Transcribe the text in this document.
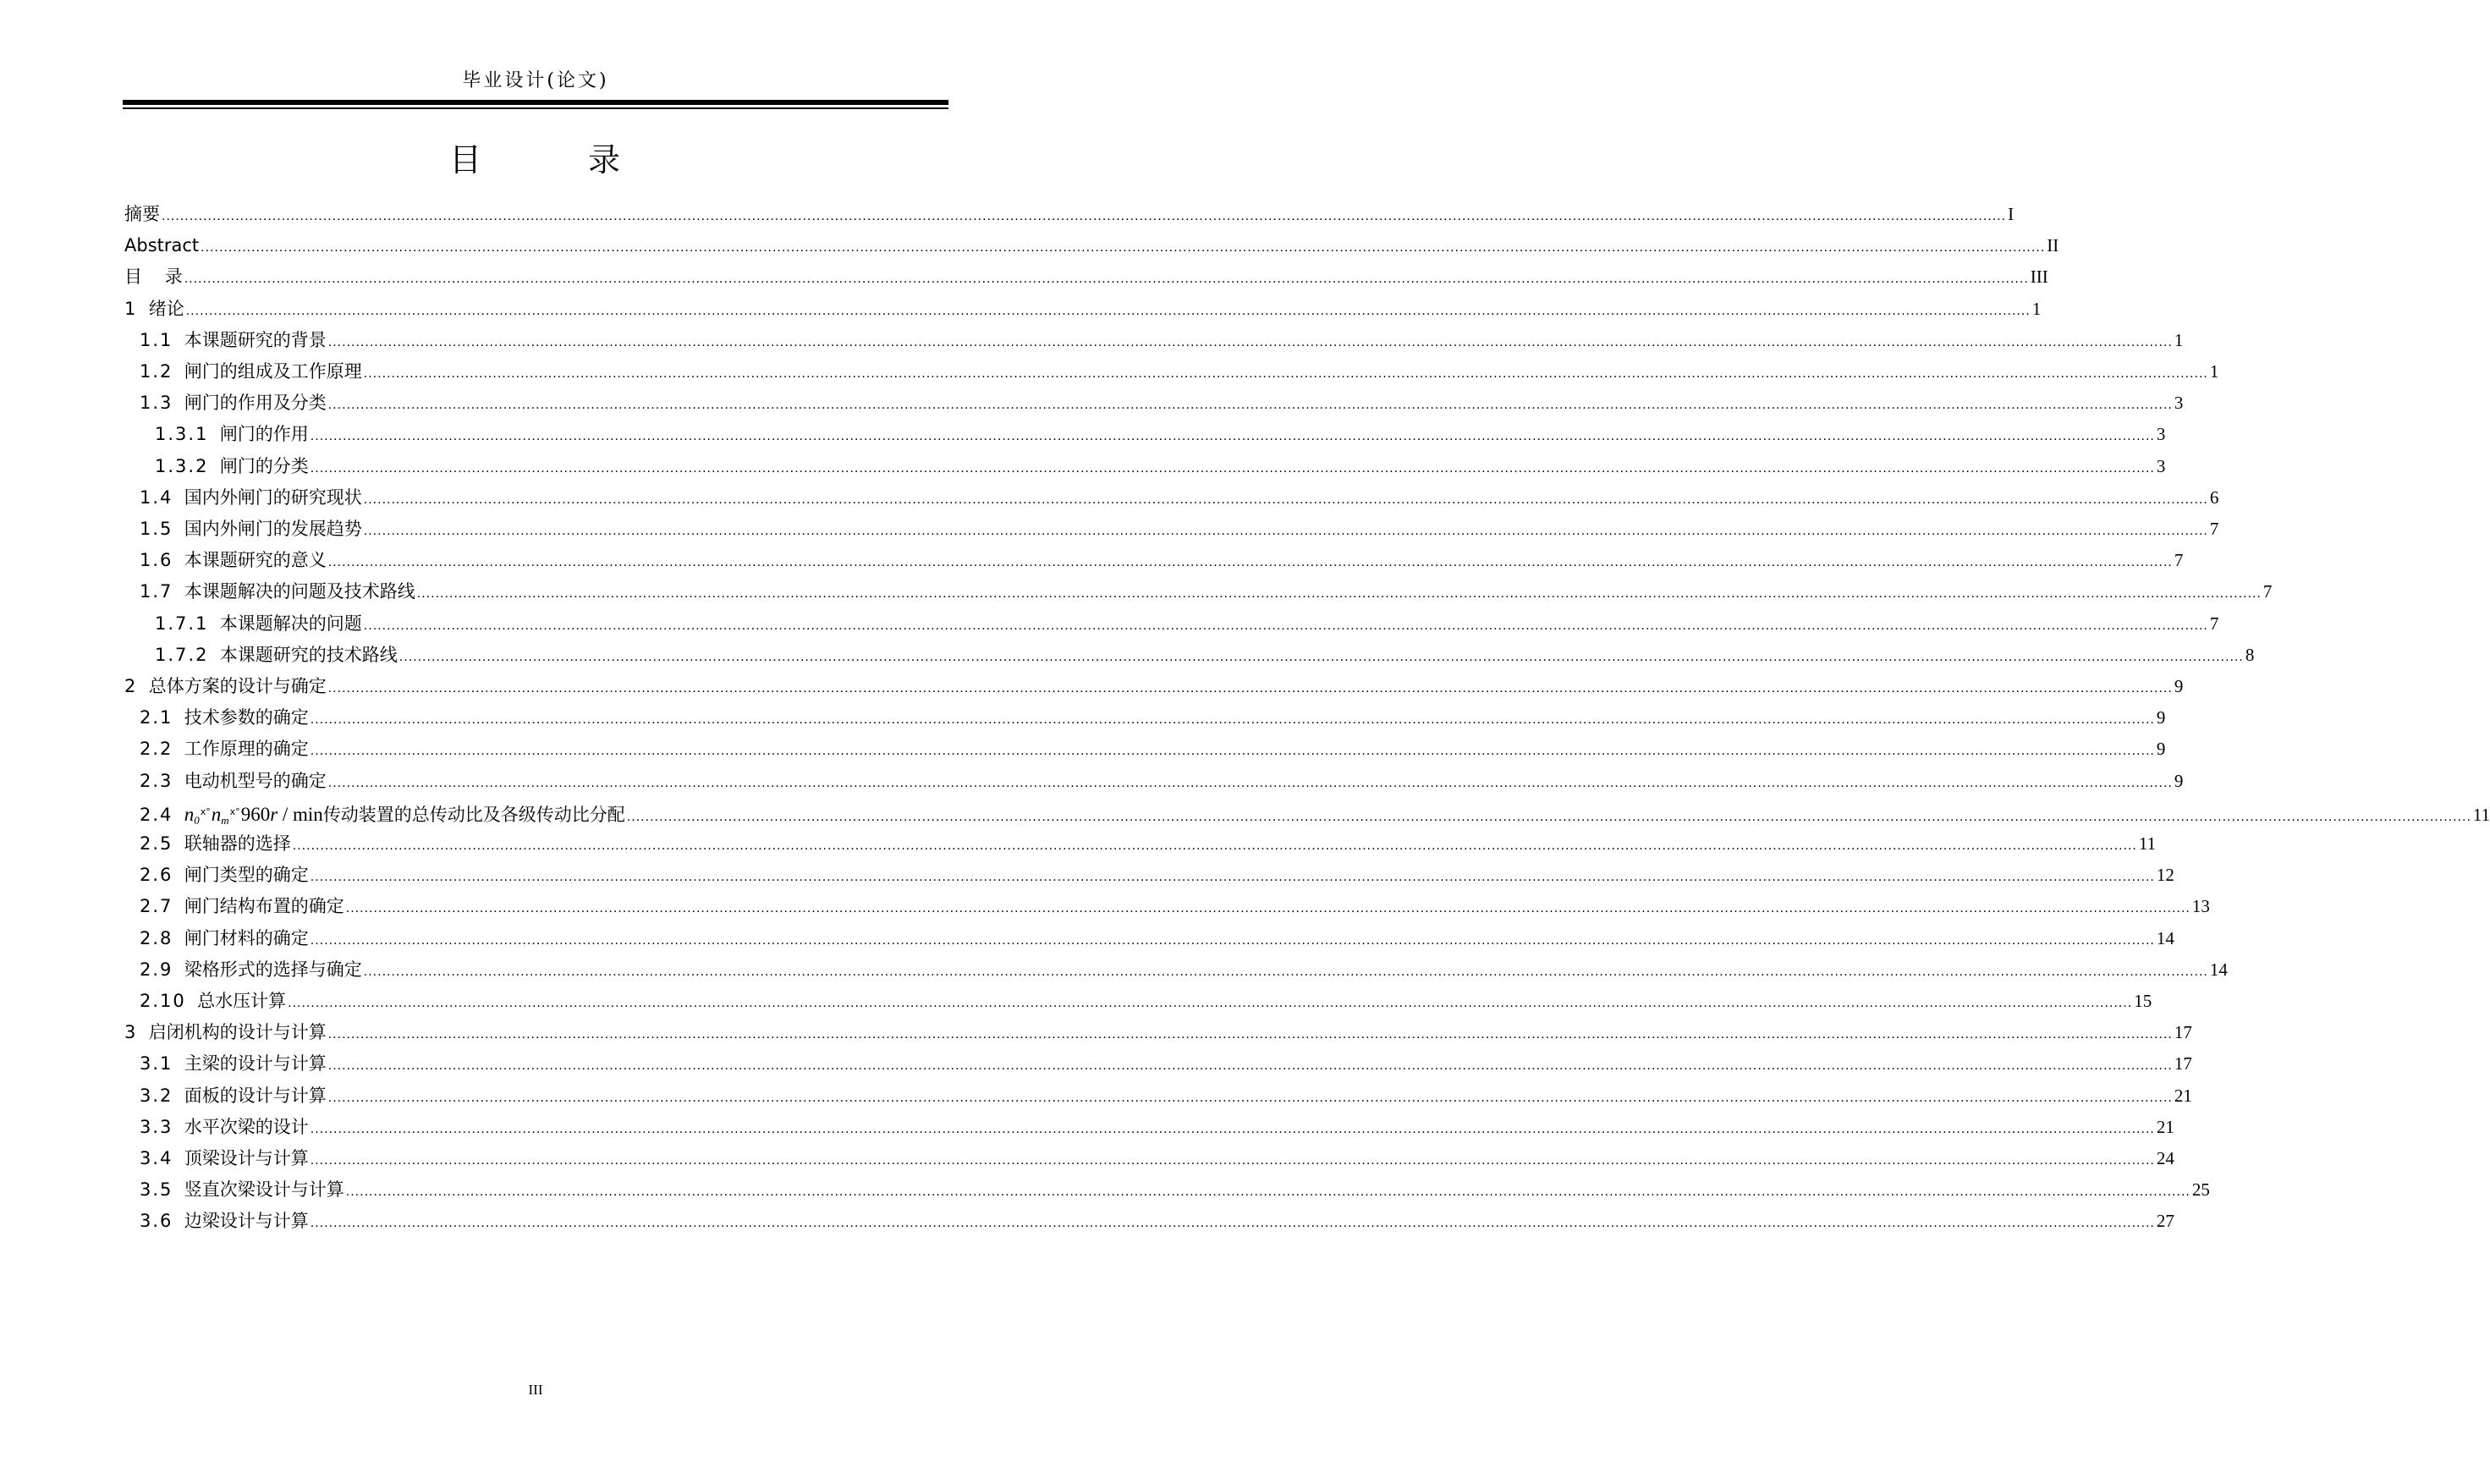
毕业设计(论文)
目 录
摘要 ................................................................................................................................................................................................................................................................................................................................................................................................................ I
Abstract ................................................................................................................................................................................................................................................................................................................................................................................................................ II
目    录 ................................................................................................................................................................................................................................................................................................................................................................................................................ III
1
绪论 ................................................................................................................................................................................................................................................................................................................................................................................................................ 1
1.1
本课题研究的背景 ................................................................................................................................................................................................................................................................................................................................................................................................................ 1
1.2
闸门的组成及工作原理 ................................................................................................................................................................................................................................................................................................................................................................................................................ 1
1.3
闸门的作用及分类 ................................................................................................................................................................................................................................................................................................................................................................................................................ 3
1.3.1
闸门的作用 ................................................................................................................................................................................................................................................................................................................................................................................................................ 3
1.3.2
闸门的分类 ................................................................................................................................................................................................................................................................................................................................................................................................................ 3
1.4
国内外闸门的研究现状 ................................................................................................................................................................................................................................................................................................................................................................................................................ 6
1.5
国内外闸门的发展趋势 ................................................................................................................................................................................................................................................................................................................................................................................................................ 7
1.6
本课题研究的意义 ................................................................................................................................................................................................................................................................................................................................................................................................................ 7
1.7
本课题解决的问题及技术路线 ................................................................................................................................................................................................................................................................................................................................................................................................................ 7
1.7.1
本课题解决的问题 ................................................................................................................................................................................................................................................................................................................................................................................................................ 7
1.7.2
本课题研究的技术路线 ................................................................................................................................................................................................................................................................................................................................................................................................................ 8
2
总体方案的设计与确定 ................................................................................................................................................................................................................................................................................................................................................................................................................ 9
2.1
技术参数的确定 ................................................................................................................................................................................................................................................................................................................................................................................................................ 9
2.2
工作原理的确定 ................................................................................................................................................................................................................................................................................................................................................................................................................ 9
2.3
电动机型号的确定 ................................................................................................................................................................................................................................................................................................................................................................................................................ 9
2.4
$n0^{x^\circ}nm^{x^\circ}960r$ / min 传动装置的总传动比及各级传动比分配 ................................................................................................................................................................................................................................................................................................................................................................................................................ 11
2.5
联轴器的选择 ................................................................................................................................................................................................................................................................................................................................................................................................................ 11
2.6
闸门类型的确定 ................................................................................................................................................................................................................................................................................................................................................................................................................ 12
2.7
闸门结构布置的确定 ................................................................................................................................................................................................................................................................................................................................................................................................................ 13
2.8
闸门材料的确定 ................................................................................................................................................................................................................................................................................................................................................................................................................ 14
2.9
梁格形式的选择与确定 ................................................................................................................................................................................................................................................................................................................................................................................................................ 14
2.10
总水压计算 ................................................................................................................................................................................................................................................................................................................................................................................................................ 15
3
启闭机构的设计与计算 ................................................................................................................................................................................................................................................................................................................................................................................................................ 17
3.1
主梁的设计与计算 ................................................................................................................................................................................................................................................................................................................................................................................................................ 17
3.2
面板的设计与计算 ................................................................................................................................................................................................................................................................................................................................................................................................................ 21
3.3
水平次梁的设计 ................................................................................................................................................................................................................................................................................................................................................................................................................ 21
3.4
顶梁设计与计算 ................................................................................................................................................................................................................................................................................................................................................................................................................ 24
3.5
竖直次梁设计与计算 ................................................................................................................................................................................................................................................................................................................................................................................................................ 25
3.6
边梁设计与计算 ................................................................................................................................................................................................................................................................................................................................................................................................................ 27
III
